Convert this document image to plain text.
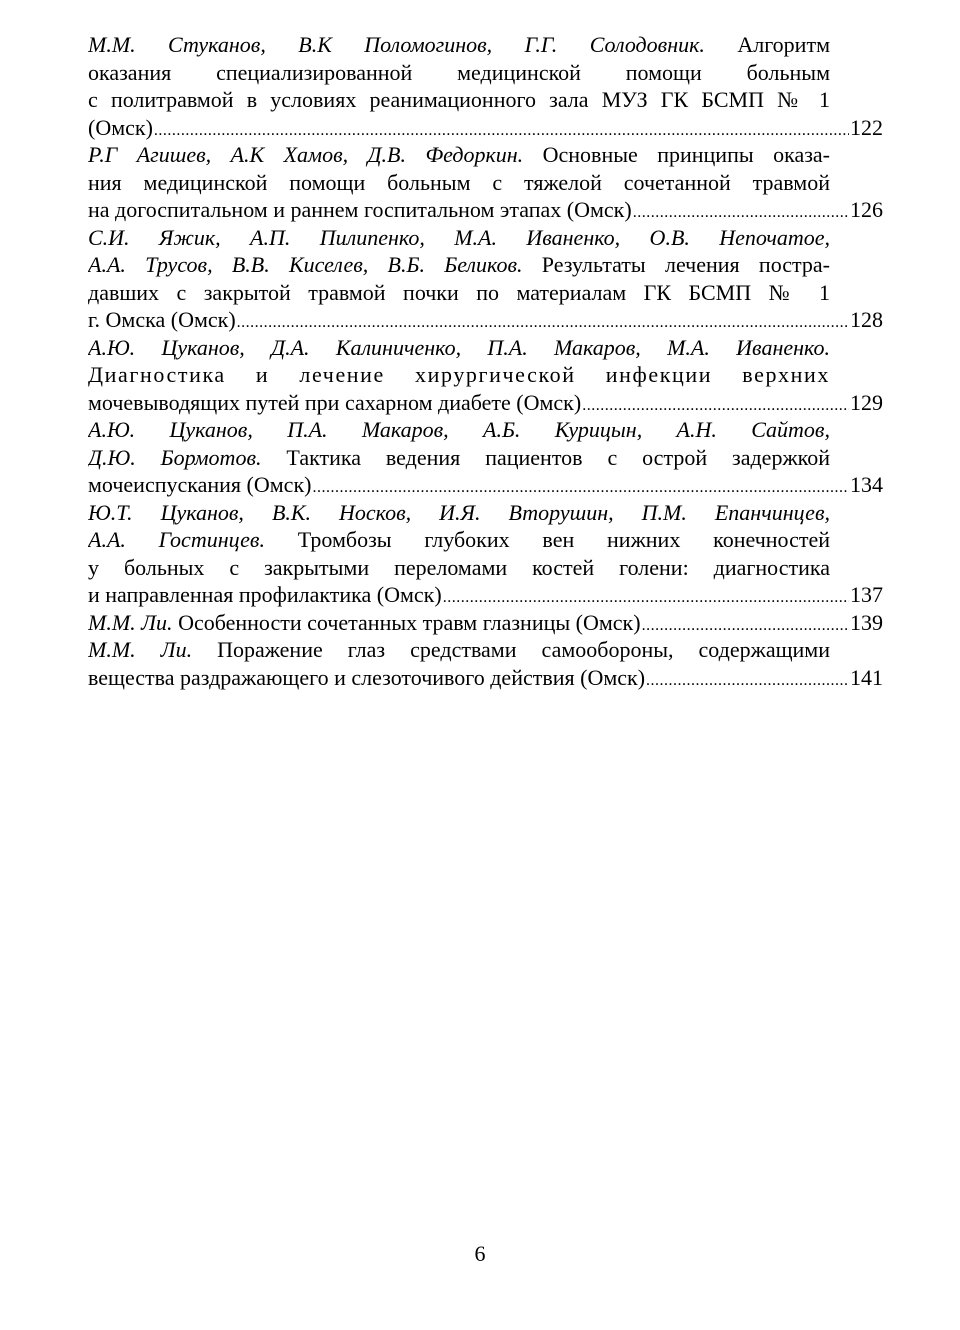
М.М. Стуканов, В.К Поломогинов, Г.Г. Солодовник. Алгоритм
оказания специализированной медицинской помощи больным
с политравмой в условиях реанимационного зала МУЗ ГК БСМП № 1
(Омск) .....	122
Р.Г Агишев, А.К Хамов, Д.В. Федоркин. Основные принципы оказа-
ния медицинской помощи больным с тяжелой сочетанной травмой
на догоспитальном и раннем госпитальном этапах (Омск) .....	126
С.И. Яжик, А.П. Пилипенко, М.А. Иваненко, О.В. Непочатое,
А.А. Трусов, В.В. Киселев, В.Б. Беликов. Результаты лечения постра-
давших с закрытой травмой почки по материалам ГК БСМП № 1
г. Омска (Омск) .....	128
А.Ю. Цуканов, Д.А. Калиниченко, П.А. Макаров, М.А. Иваненко.
Диагностика и лечение хирургической инфекции верхних
мочевыводящих путей при сахарном диабете (Омск) .....	129
А.Ю. Цуканов, П.А. Макаров, А.Б. Курицын, А.Н. Сайтов,
Д.Ю. Бормотов. Тактика ведения пациентов с острой задержкой
мочеиспускания (Омск) .....	134
Ю.Т. Цуканов, В.К. Носков, И.Я. Вторушин, П.М. Епанчинцев,
А.А. Гостинцев. Тромбозы глубоких вен нижних конечностей
у больных с закрытыми переломами костей голени: диагностика
и направленная профилактика (Омск) .....	137
М.М. Ли. Особенности сочетанных травм глазницы (Омск) .....	139
М.М. Ли. Поражение глаз средствами самообороны, содержащими
вещества раздражающего и слезоточивого действия (Омск) .....	141
6
